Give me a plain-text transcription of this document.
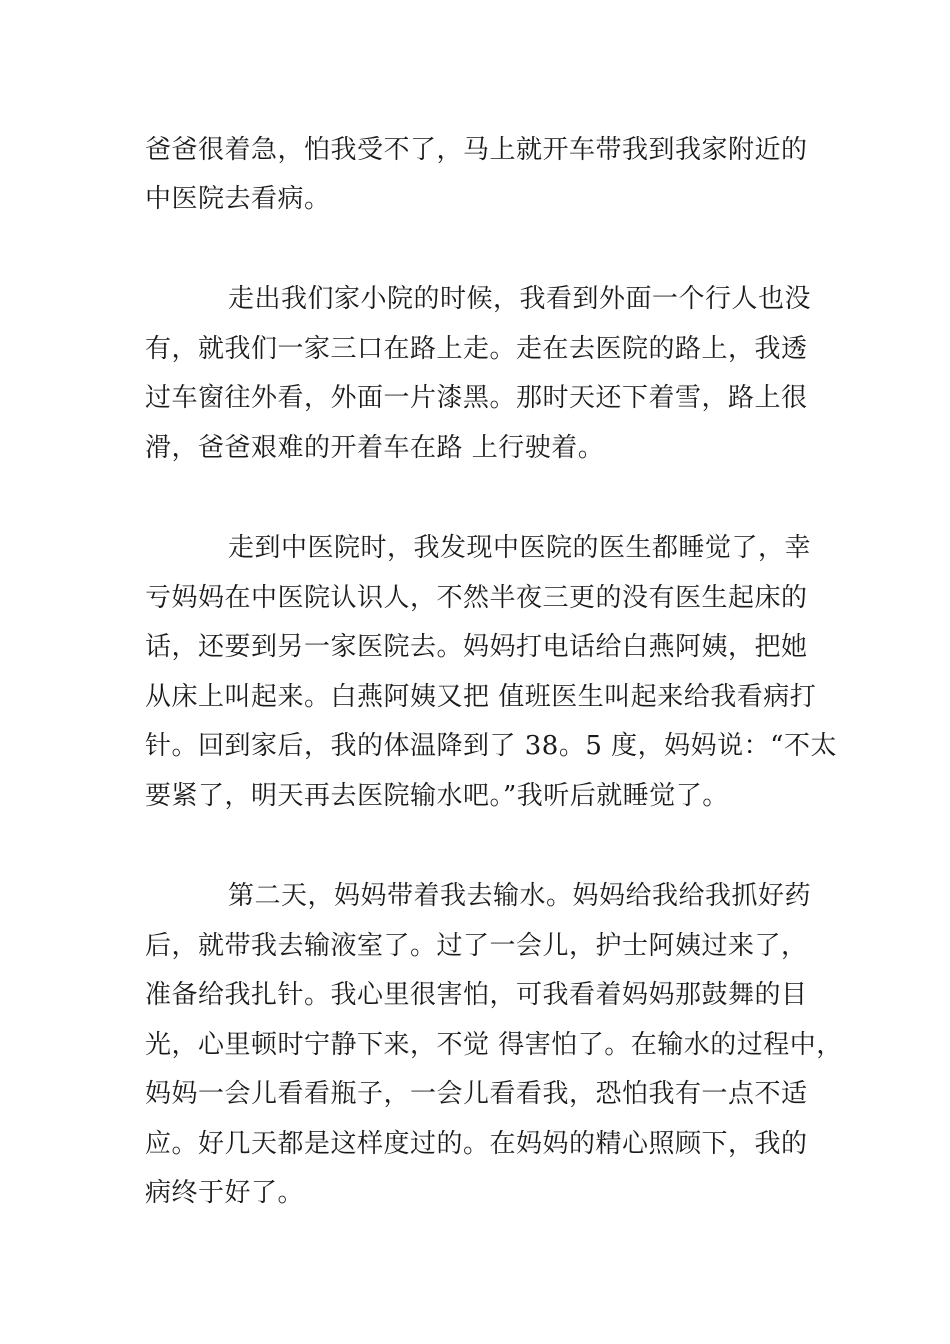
爸爸很着急，怕我受不了，马上就开车带我到我家附近的
中医院去看病。
走出我们家小院的时候，我看到外面一个行人也没
有，就我们一家三口在路上走。走在去医院的路上，我透
过车窗往外看，外面一片漆黑。那时天还下着雪，路上很
滑，爸爸艰难的开着车在路 上行驶着。
走到中医院时，我发现中医院的医生都睡觉了，幸
亏妈妈在中医院认识人，不然半夜三更的没有医生起床的
话，还要到另一家医院去。妈妈打电话给白燕阿姨，把她
从床上叫起来。白燕阿姨又把 值班医生叫起来给我看病打
针。回到家后，我的体温降到了 38。5 度，妈妈说：“不太
要紧了，明天再去医院输水吧。”我听后就睡觉了。
第二天，妈妈带着我去输水。妈妈给我给我抓好药
后，就带我去输液室了。过了一会儿，护士阿姨过来了，
准备给我扎针。我心里很害怕，可我看着妈妈那鼓舞的目
光，心里顿时宁静下来，不觉 得害怕了。在输水的过程中，
妈妈一会儿看看瓶子，一会儿看看我，恐怕我有一点不适
应。好几天都是这样度过的。在妈妈的精心照顾下，我的
病终于好了。
